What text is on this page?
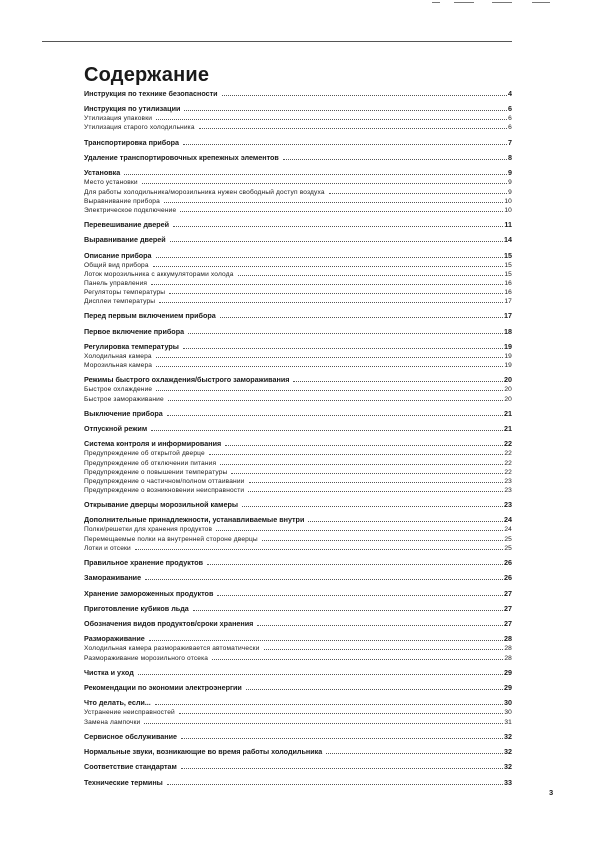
Содержание
Инструкция по технике безопасности	4
Инструкция по утилизации	6
Утилизация упаковки	6
Утилизация старого холодильника	6
Транспортировка прибора	7
Удаление транспортировочных крепежных элементов	8
Установка	9
Место установки	9
Для работы холодильника/морозильника нужен свободный доступ воздуха	9
Выравнивание прибора	10
Электрическое подключение	10
Перевешивание дверей	11
Выравнивание дверей	14
Описание прибора	15
Общий вид прибора	15
Лоток морозильника с аккумуляторами холода	15
Панель управления	16
Регуляторы температуры	16
Дисплеи температуры	17
Перед первым включением прибора	17
Первое включение прибора	18
Регулировка температуры	19
Холодильная камера	19
Морозильная камера	19
Режимы быстрого охлаждения/быстрого замораживания	20
Быстрое охлаждение	20
Быстрое замораживание	20
Выключение прибора	21
Отпускной режим	21
Система контроля и информирования	22
Предупреждение об открытой дверце	22
Предупреждение об отключении питания	22
Предупреждение о повышении температуры	22
Предупреждение о частичном/полном оттаивании	23
Предупреждение о возникновении неисправности	23
Открывание дверцы морозильной камеры	23
Дополнительные принадлежности, устанавливаемые внутри	24
Полки/решетки для хранения продуктов	24
Перемещаемые полки на внутренней стороне дверцы	25
Лотки и отсеки	25
Правильное хранение продуктов	26
Замораживание	26
Хранение замороженных продуктов	27
Приготовление кубиков льда	27
Обозначения видов продуктов/сроки хранения	27
Размораживание	28
Холодильная камера размораживается автоматически	28
Размораживание морозильного отсека	28
Чистка и уход	29
Рекомендации по экономии электроэнергии	29
Что делать, если...	30
Устранение неисправностей	30
Замена лампочки	31
Сервисное обслуживание	32
Нормальные звуки, возникающие во время работы холодильника	32
Соответствие стандартам	32
Технические термины	33
3
